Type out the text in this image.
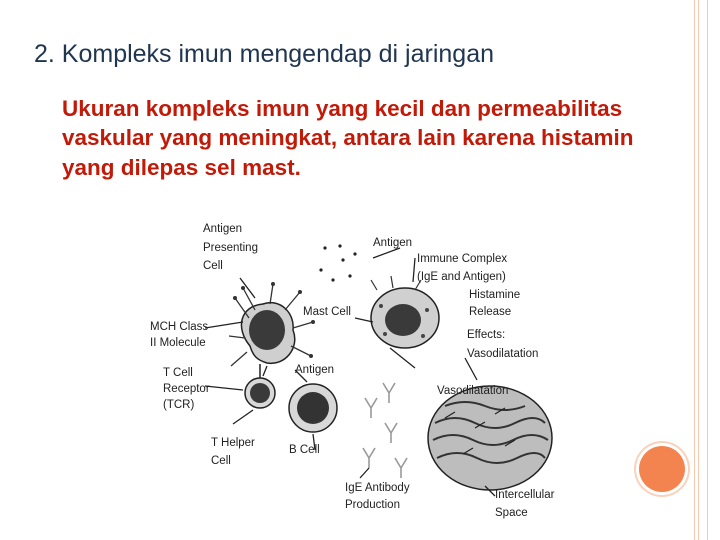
2. Kompleks imun mengendap di jaringan
Ukuran kompleks imun yang kecil dan permeabilitas vaskular yang meningkat, antara lain karena histamin yang dilepas sel mast.
Antigen
Presenting
Cell
MCH Class
II Molecule
T Cell
Receptor
(TCR)
T Helper
Cell
Antigen
Immune Complex
(IgE and Antigen)
Histamine
Release
Mast Cell
Effects:
Vasodilatation
Antigen
Vasodilatation
B Cell
IgE Antibody
Production
Intercellular
Space
